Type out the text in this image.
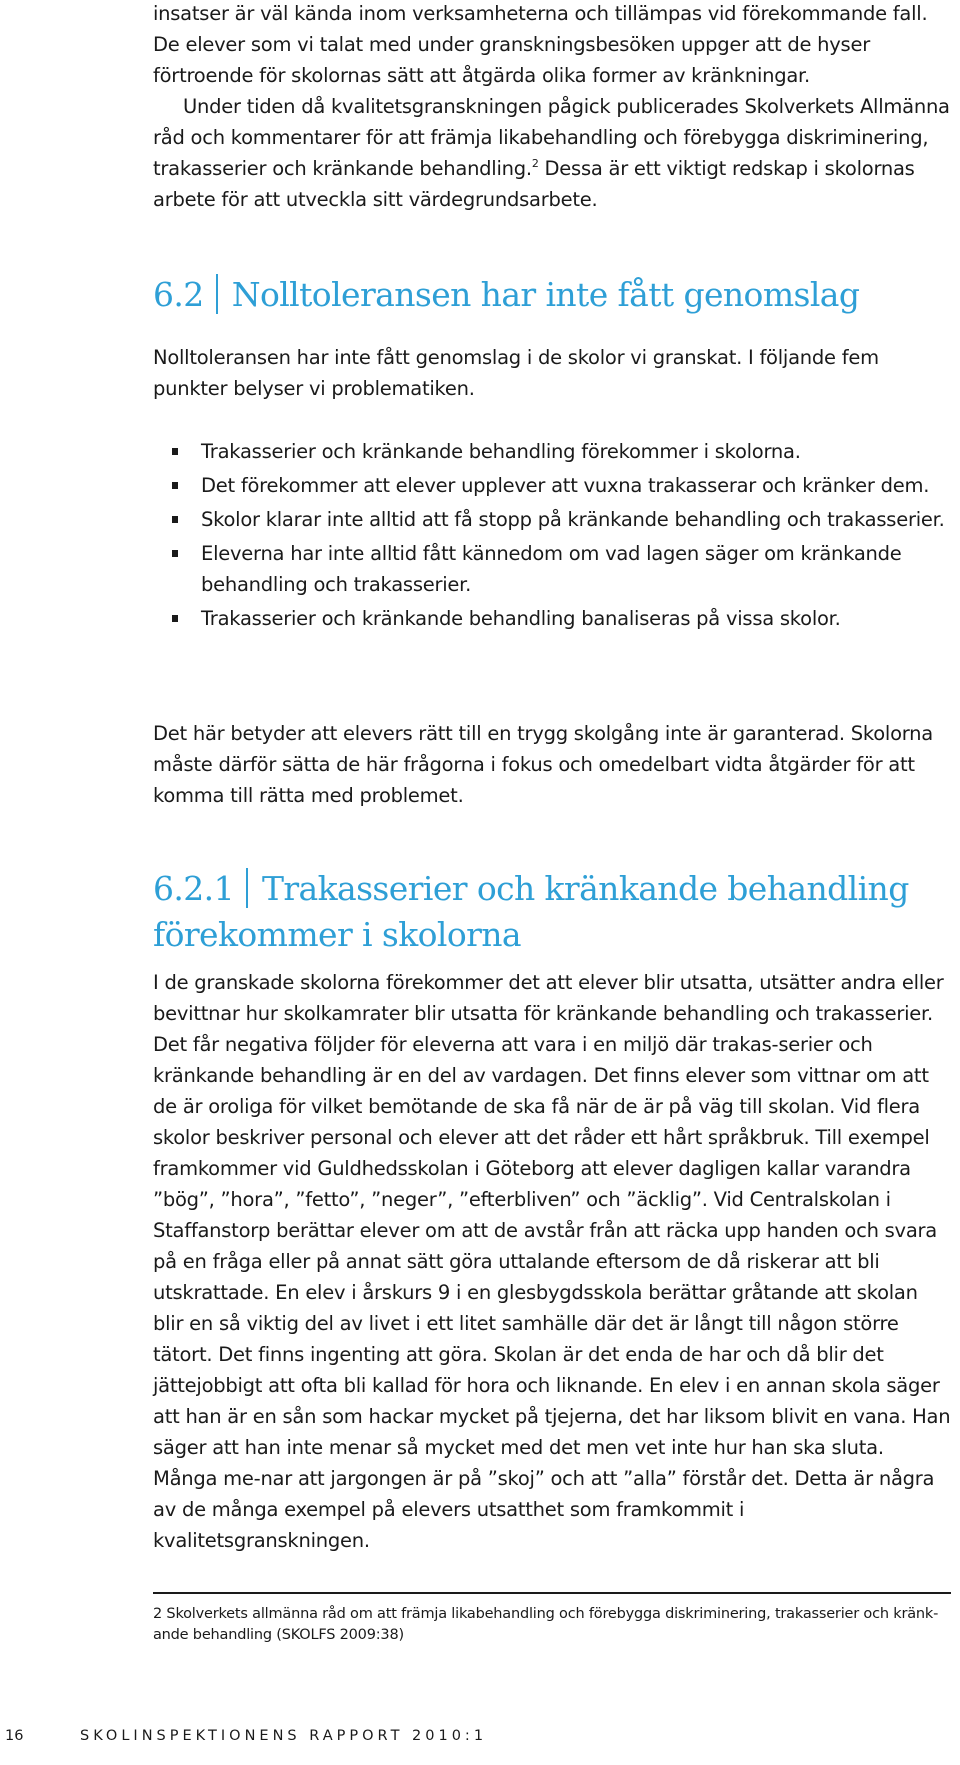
insatser är väl kända inom verksamheterna och tillämpas vid förekommande fall. De elever som vi talat med under granskningsbesöken uppger att de hyser förtroende för skolornas sätt att åtgärda olika former av kränkningar.

Under tiden då kvalitetsgranskningen pågick publicerades Skolverkets Allmänna råd och kommentarer för att främja likabehandling och förebygga diskriminering, trakasserier och kränkande behandling.$^2$ Dessa är ett viktigt redskap i skolornas arbete för att utveckla sitt värdegrundsarbete.

6.2 Nolltoleransen har inte fått genomslag

Nolltoleransen har inte fått genomslag i de skolor vi granskat. I följande fem punkter belyser vi problematiken.

Trakasserier och kränkande behandling förekommer i skolorna.
Det förekommer att elever upplever att vuxna trakasserar och kränker dem.
Skolor klarar inte alltid att få stopp på kränkande behandling och trakasserier.
Eleverna har inte alltid fått kännedom om vad lagen säger om kränkande behandling och trakasserier.
Trakasserier och kränkande behandling banaliseras på vissa skolor.

Det här betyder att elevers rätt till en trygg skolgång inte är garanterad. Skolorna måste därför sätta de här frågorna i fokus och omedelbart vidta åtgärder för att komma till rätta med problemet.

6.2.1 Trakasserier och kränkande behandling
förekommer i skolorna

I de granskade skolorna förekommer det att elever blir utsatta, utsätter andra eller bevittnar hur skolkamrater blir utsatta för kränkande behandling och trakasserier. Det får negativa följder för eleverna att vara i en miljö där trakas-serier och kränkande behandling är en del av vardagen. Det finns elever som vittnar om att de är oroliga för vilket bemötande de ska få när de är på väg till skolan. Vid flera skolor beskriver personal och elever att det råder ett hårt språkbruk. Till exempel framkommer vid Guldhedsskolan i Göteborg att elever dagligen kallar varandra ”bög”, ”hora”, ”fetto”, ”neger”, ”efterbliven” och ”äcklig”. Vid Centralskolan i Staffanstorp berättar elever om att de avstår från att räcka upp handen och svara på en fråga eller på annat sätt göra uttalande eftersom de då riskerar att bli utskrattade. En elev i årskurs 9 i en glesbygdsskola berättar gråtande att skolan blir en så viktig del av livet i ett litet samhälle där det är långt till någon större tätort. Det finns ingenting att göra. Skolan är det enda de har och då blir det jättejobbigt att ofta bli kallad för hora och liknande. En elev i en annan skola säger att han är en sån som hackar mycket på tjejerna, det har liksom blivit en vana. Han säger att han inte menar så mycket med det men vet inte hur han ska sluta. Många me-nar att jargongen är på ”skoj” och att ”alla” förstår det. Detta är några av de många exempel på elevers utsatthet som framkommit i kvalitetsgranskningen.

2 Skolverkets allmänna råd om att främja likabehandling och förebygga diskriminering, trakasserier och kränk-ande behandling (SKOLFS 2009:38)

16	SKOLINSPEKTIONENS RAPPORT 2010:1
